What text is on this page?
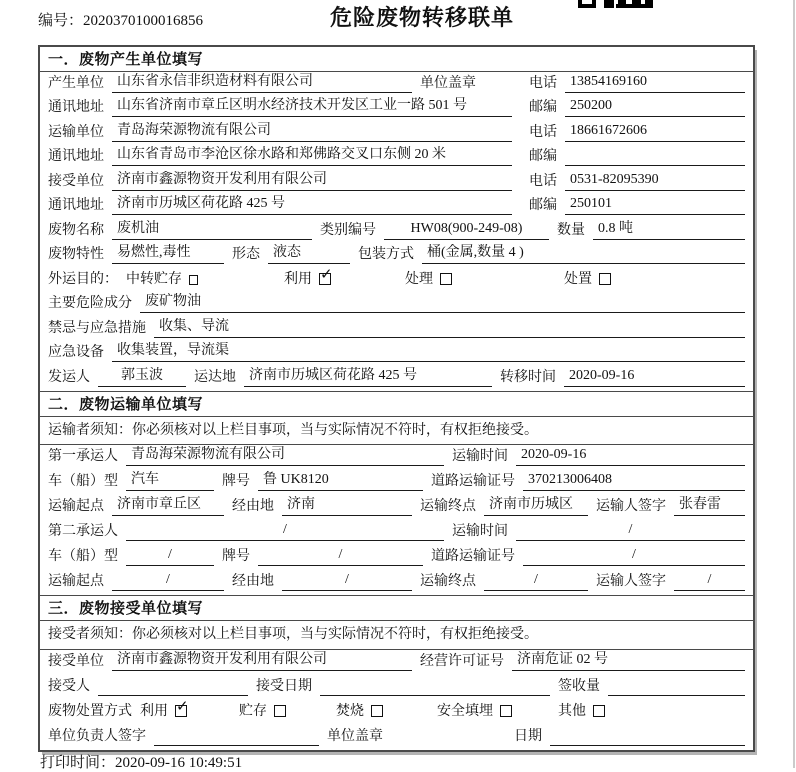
编号：2020370100016856	危险废物转移联单
一．废物产生单位填写
产生单位 山东省永信非织造材料有限公司	单位盖章	电话 13854169160
通讯地址 山东省济南市章丘区明水经济技术开发区工业一路 501 号	邮编 250200
运输单位 青岛海荣源物流有限公司	电话 18661672606
通讯地址 山东省青岛市李沧区徐水路和郑佛路交叉口东侧 20 米	邮编
接受单位 济南市鑫源物资开发利用有限公司	电话 0531-82095390
通讯地址 济南市历城区荷花路 425 号	邮编 250101
废物名称 废机油	类别编号	HW08(900-249-08)	数量 0.8 吨
废物特性 易燃性,毒性	形态 液态	包装方式 桶(金属,数量 4 )
外运目的： 中转贮存	利用 ✓	处理	处置
主要危险成分 废矿物油
禁忌与应急措施 收集、导流
应急设备 收集装置，导流渠
发运人	郭玉波	运达地 济南市历城区荷花路 425 号	转移时间 2020-09-16
二．废物运输单位填写
运输者须知：你必须核对以上栏目事项，当与实际情况不符时，有权拒绝接受。
第一承运人 青岛海荣源物流有限公司	运输时间 2020-09-16
车（船）型 汽车	牌号 鲁 UK8120	道路运输证号 370213006408
运输起点 济南市章丘区	经由地 济南	运输终点 济南市历城区	运输人签字 张春雷
第二承运人	/	运输时间	/
车（船）型	/	牌号	/	道路运输证号	/
运输起点	/	经由地	/	运输终点	/	运输人签字	/
三．废物接受单位填写
接受者须知：你必须核对以上栏目事项，当与实际情况不符时，有权拒绝接受。
接受单位 济南市鑫源物资开发利用有限公司	经营许可证号 济南危证 02 号
接受人	接受日期	签收量
废物处置方式 利用 ✓	贮存	焚烧	安全填埋	其他
单位负责人签字	单位盖章	日期
打印时间：2020-09-16 10:49:51
